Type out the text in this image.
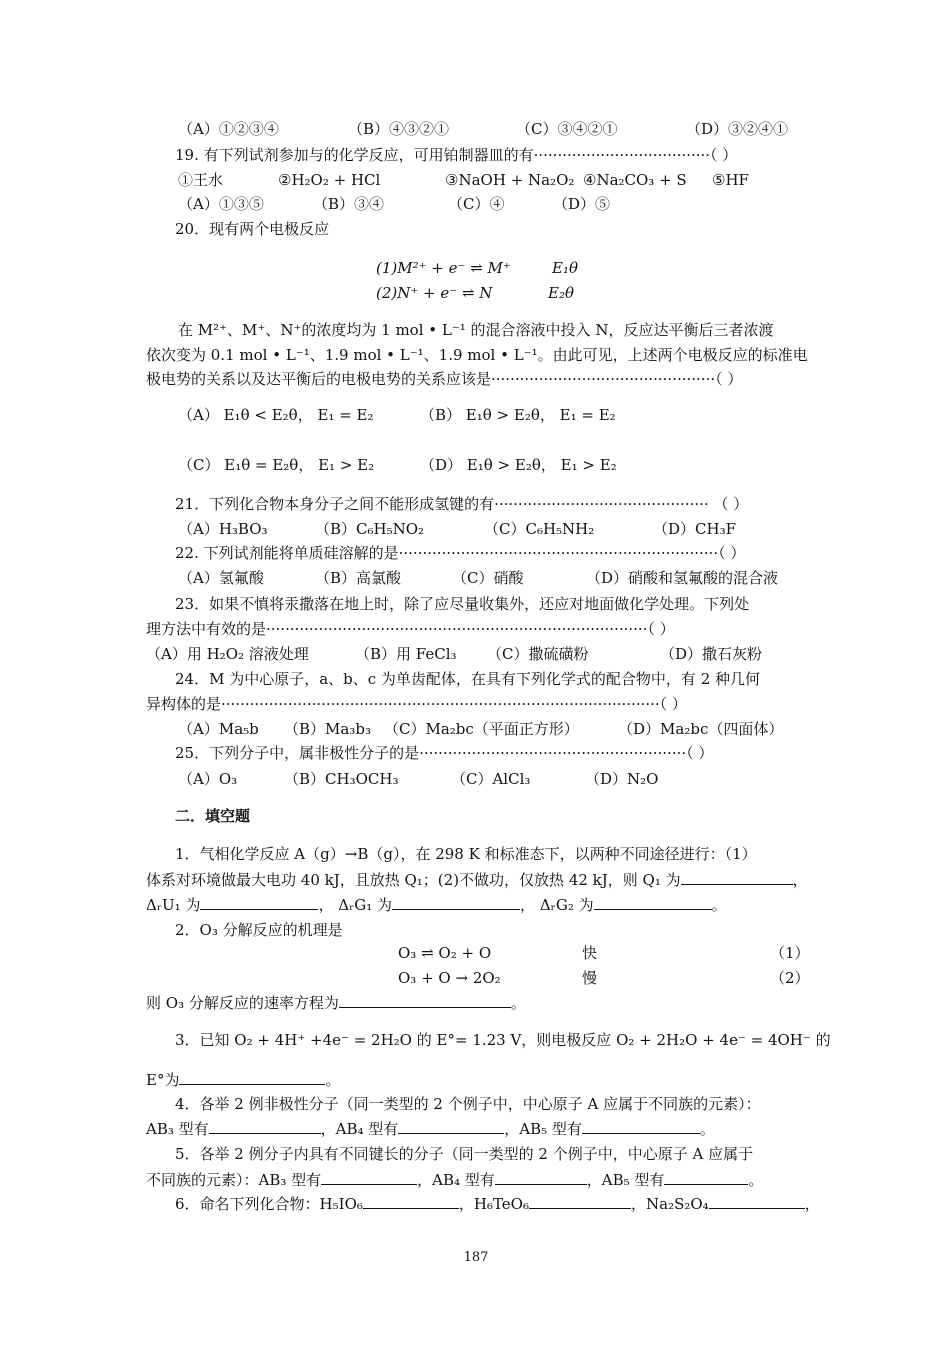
（A）①②③④	（B）④③②①	（C）③④②①	（D）③②④①
19. 有下列试剂参加与的化学反应，可用铂制器皿的有·····································（ ）
①王水	②H₂O₂ + HCl	③NaOH + Na₂O₂ ④Na₂CO₃ + S ⑤HF
（A）①③⑤	（B）③④	（C）④	（D）⑤
20．现有两个电极反应
(1)M²⁺ + e⁻ ⇌ M⁺	E₁θ
(2)N⁺ + e⁻ ⇌ N	E₂θ
在 M²⁺、M⁺、N⁺的浓度均为 1 mol • L⁻¹ 的混合溶液中投入 N，反应达平衡后三者浓渡
依次变为 0.1 mol • L⁻¹、1.9 mol • L⁻¹、1.9 mol • L⁻¹。由此可见，上述两个电极反应的标准电
极电势的关系以及达平衡后的电极电势的关系应该是···············································（ ）
（A） E₁θ < E₂θ， E₁ = E₂	（B） E₁θ > E₂θ， E₁ = E₂
（C） E₁θ = E₂θ， E₁ > E₂	（D） E₁θ > E₂θ， E₁ > E₂
21．下列化合物本身分子之间不能形成氢键的有············································· （ ）
（A）H₃BO₃	（B）C₆H₅NO₂	（C）C₆H₅NH₂	（D）CH₃F
22. 下列试剂能将单质硅溶解的是···································································（ ）
（A）氢氟酸	（B）高氯酸	（C）硝酸	（D）硝酸和氢氟酸的混合液
23．如果不慎将汞撒落在地上时，除了应尽量收集外，还应对地面做化学处理。下列处
理方法中有效的是················································································（ ）
（A）用 H₂O₂ 溶液处理	（B）用 FeCl₃ （C）撒硫磺粉	（D）撒石灰粉
24．M 为中心原子，a、b、c 为单齿配体，在具有下列化学式的配合物中，有 2 种几何
异构体的是····························································································（ ）
（A）Ma₅b （B）Ma₃b₃ （C）Ma₂bc（平面正方形）	（D）Ma₂bc（四面体）
25．下列分子中，属非极性分子的是························································（ ）
（A）O₃	（B）CH₃OCH₃	（C）AlCl₃	（D）N₂O
二．填空题
1．气相化学反应 A（g）→B（g），在 298 K 和标准态下，以两种不同途径进行：（1）
体系对环境做最大电功 40 kJ，且放热 Q₁；(2)不做功，仅放热 42 kJ，则 Q₁ 为	，
ΔᵣU₁ 为	， ΔᵣG₁ 为	， ΔᵣG₂ 为	。
2．O₃ 分解反应的机理是
O₃ ⇌ O₂ + O	快	（1）
O₃ + O → 2O₂	慢	（2）
则 O₃ 分解反应的速率方程为	。
3．已知 O₂ + 4H⁺ +4e⁻ = 2H₂O 的 E°= 1.23 V，则电极反应 O₂ + 2H₂O + 4e⁻ = 4OH⁻ 的
E°为	。
4．各举 2 例非极性分子（同一类型的 2 个例子中，中心原子 A 应属于不同族的元素）：
AB₃ 型有	，AB₄ 型有	，AB₅ 型有	。
5．各举 2 例分子内具有不同键长的分子（同一类型的 2 个例子中，中心原子 A 应属于
不同族的元素）：AB₃ 型有	，AB₄ 型有	，AB₅ 型有	。
6．命名下列化合物：H₅IO₆	，H₆TeO₆	，Na₂S₂O₄	，
187
